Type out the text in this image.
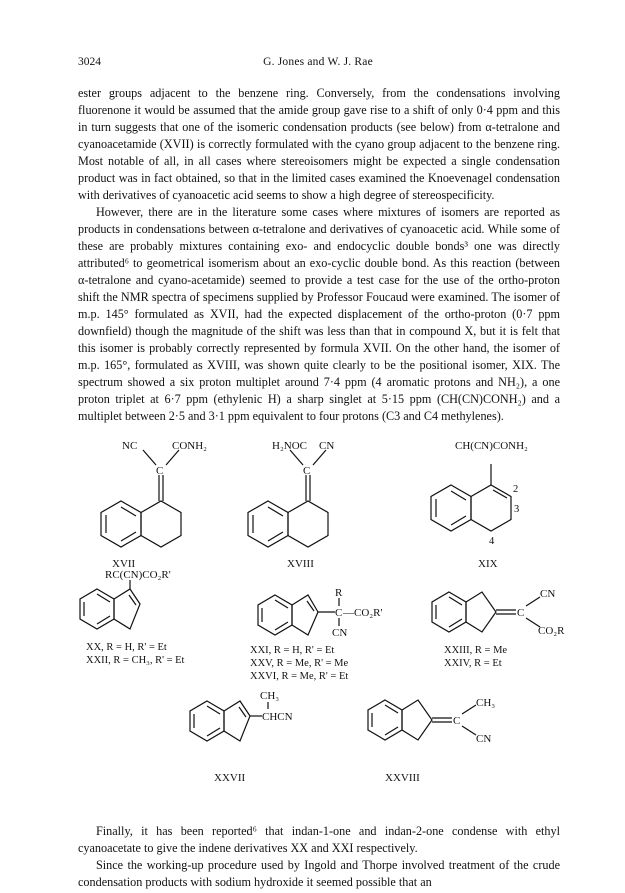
3024	G. Jones and W. J. Rae

ester groups adjacent to the benzene ring. Conversely, from the condensations involving fluorenone it would be assumed that the amide group gave rise to a shift of only 0·4 ppm and this in turn suggests that one of the isomeric condensation products (see below) from α-tetralone and cyanoacetamide (XVII) is correctly formulated with the cyano group adjacent to the benzene ring. Most notable of all, in all cases where stereoisomers might be expected a single condensation product was in fact obtained, so that in the limited cases examined the Knoevenagel condensation with derivatives of cyanoacetic acid seems to show a high degree of stereospecificity.

However, there are in the literature some cases where mixtures of isomers are reported as products in condensations between α-tetralone and derivatives of cyanoacetic acid. While some of these are probably mixtures containing exo- and endocyclic double bonds³ one was directly attributed⁶ to geometrical isomerism about an exo-cyclic double bond. As this reaction (between α-tetralone and cyano-acetamide) seemed to provide a test case for the use of the ortho-proton shift the NMR spectra of specimens supplied by Professor Foucaud were examined. The isomer of m.p. 145° formulated as XVII, had the expected displacement of the ortho-proton (0·7 ppm downfield) though the magnitude of the shift was less than that in compound X, but it is felt that this isomer is probably correctly represented by formula XVII. On the other hand, the isomer of m.p. 165°, formulated as XVIII, was shown quite clearly to be the positional isomer, XIX. The spectrum showed a six proton multiplet around 7·4 ppm (4 aromatic protons and NH₂), a one proton triplet at 6·7 ppm (ethylenic H) a sharp singlet at 5·15 ppm (CH(CN)CONH₂) and a multiplet between 2·5 and 3·1 ppm equivalent to four protons (C3 and C4 methylenes).

NC	CONH₂
C
XVII
H₂NOC CN
C
XVIII
CH(CN)CONH₂
2
3
4
XIX
RC(CN)CO₂R'
XX, R = H, R' = Et
XXII, R = CH₃, R' = Et
R
C —CO₂R'
CN
XXI, R = H, R' = Et
XXV, R = Me, R' = Me
XXVI, R = Me, R' = Et
CN
C
CO₂R
XXIII, R = Me
XXIV, R = Et
CH₃
CHCN
XXVII
CH₃
C
CN
XXVIII

Finally, it has been reported⁶ that indan-1-one and indan-2-one condense with ethyl cyanoacetate to give the indene derivatives XX and XXI respectively.

Since the working-up procedure used by Ingold and Thorpe involved treatment of the crude condensation products with sodium hydroxide it seemed possible that an
